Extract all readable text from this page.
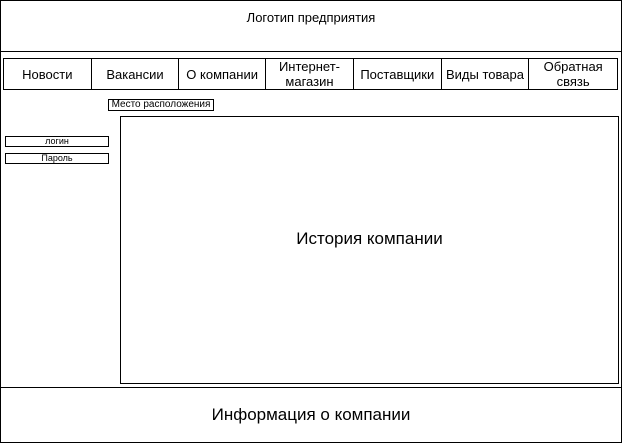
Логотип предприятия
Новости	Вакансии	О компании	Интернет-магазин	Поставщики Виды товара	Обратная связь
Место расположения
логин
Пароль
История компании
Информация о компании
